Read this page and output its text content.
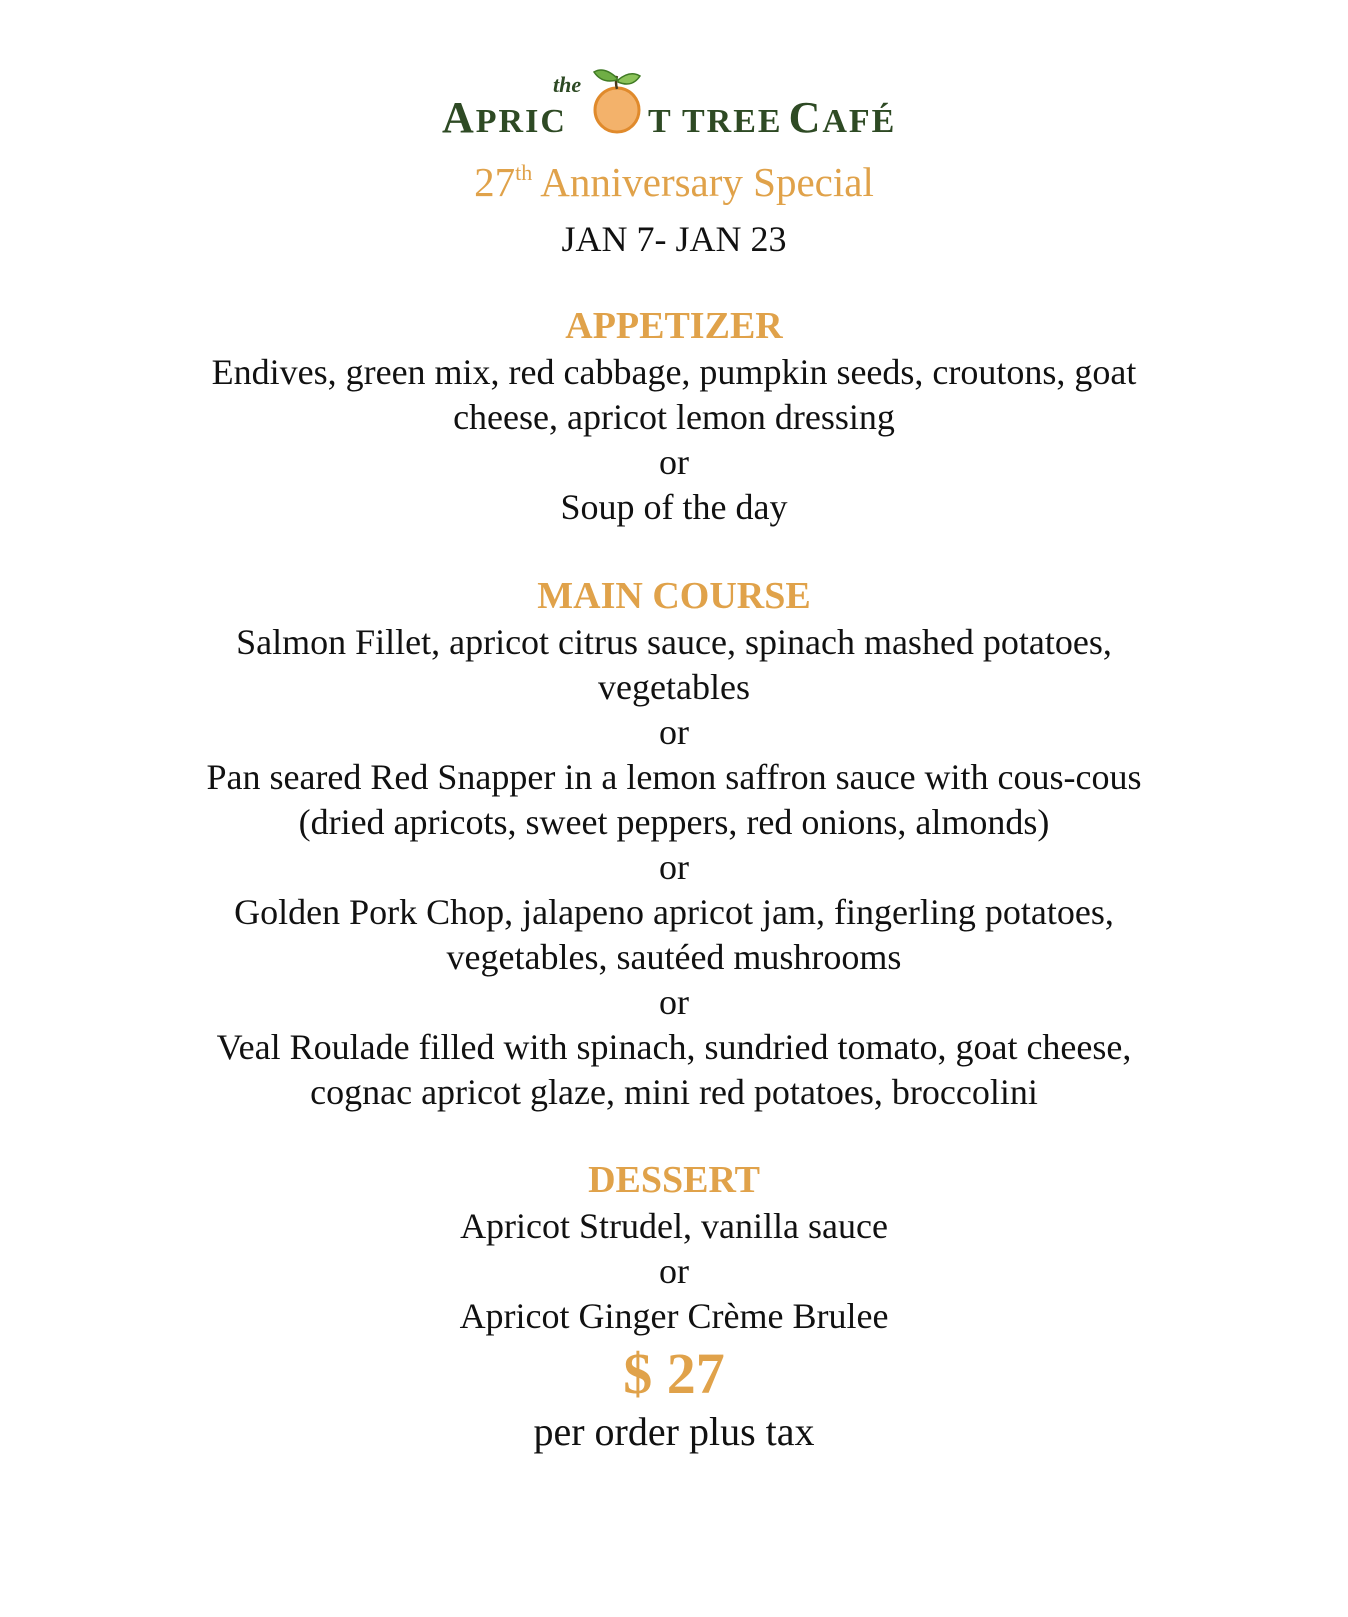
the
APRIC T TREE CAFÉ
27th Anniversary Special
JAN 7- JAN 23
APPETIZER
Endives, green mix, red cabbage, pumpkin seeds, croutons, goat
cheese, apricot lemon dressing
or
Soup of the day
MAIN COURSE
Salmon Fillet, apricot citrus sauce, spinach mashed potatoes,
vegetables
or
Pan seared Red Snapper in a lemon saffron sauce with cous-cous
(dried apricots, sweet peppers, red onions, almonds)
or
Golden Pork Chop, jalapeno apricot jam, fingerling potatoes,
vegetables, sautéed mushrooms
or
Veal Roulade filled with spinach, sundried tomato, goat cheese,
cognac apricot glaze, mini red potatoes, broccolini
DESSERT
Apricot Strudel, vanilla sauce
or
Apricot Ginger Crème Brulee
$ 27
per order plus tax
